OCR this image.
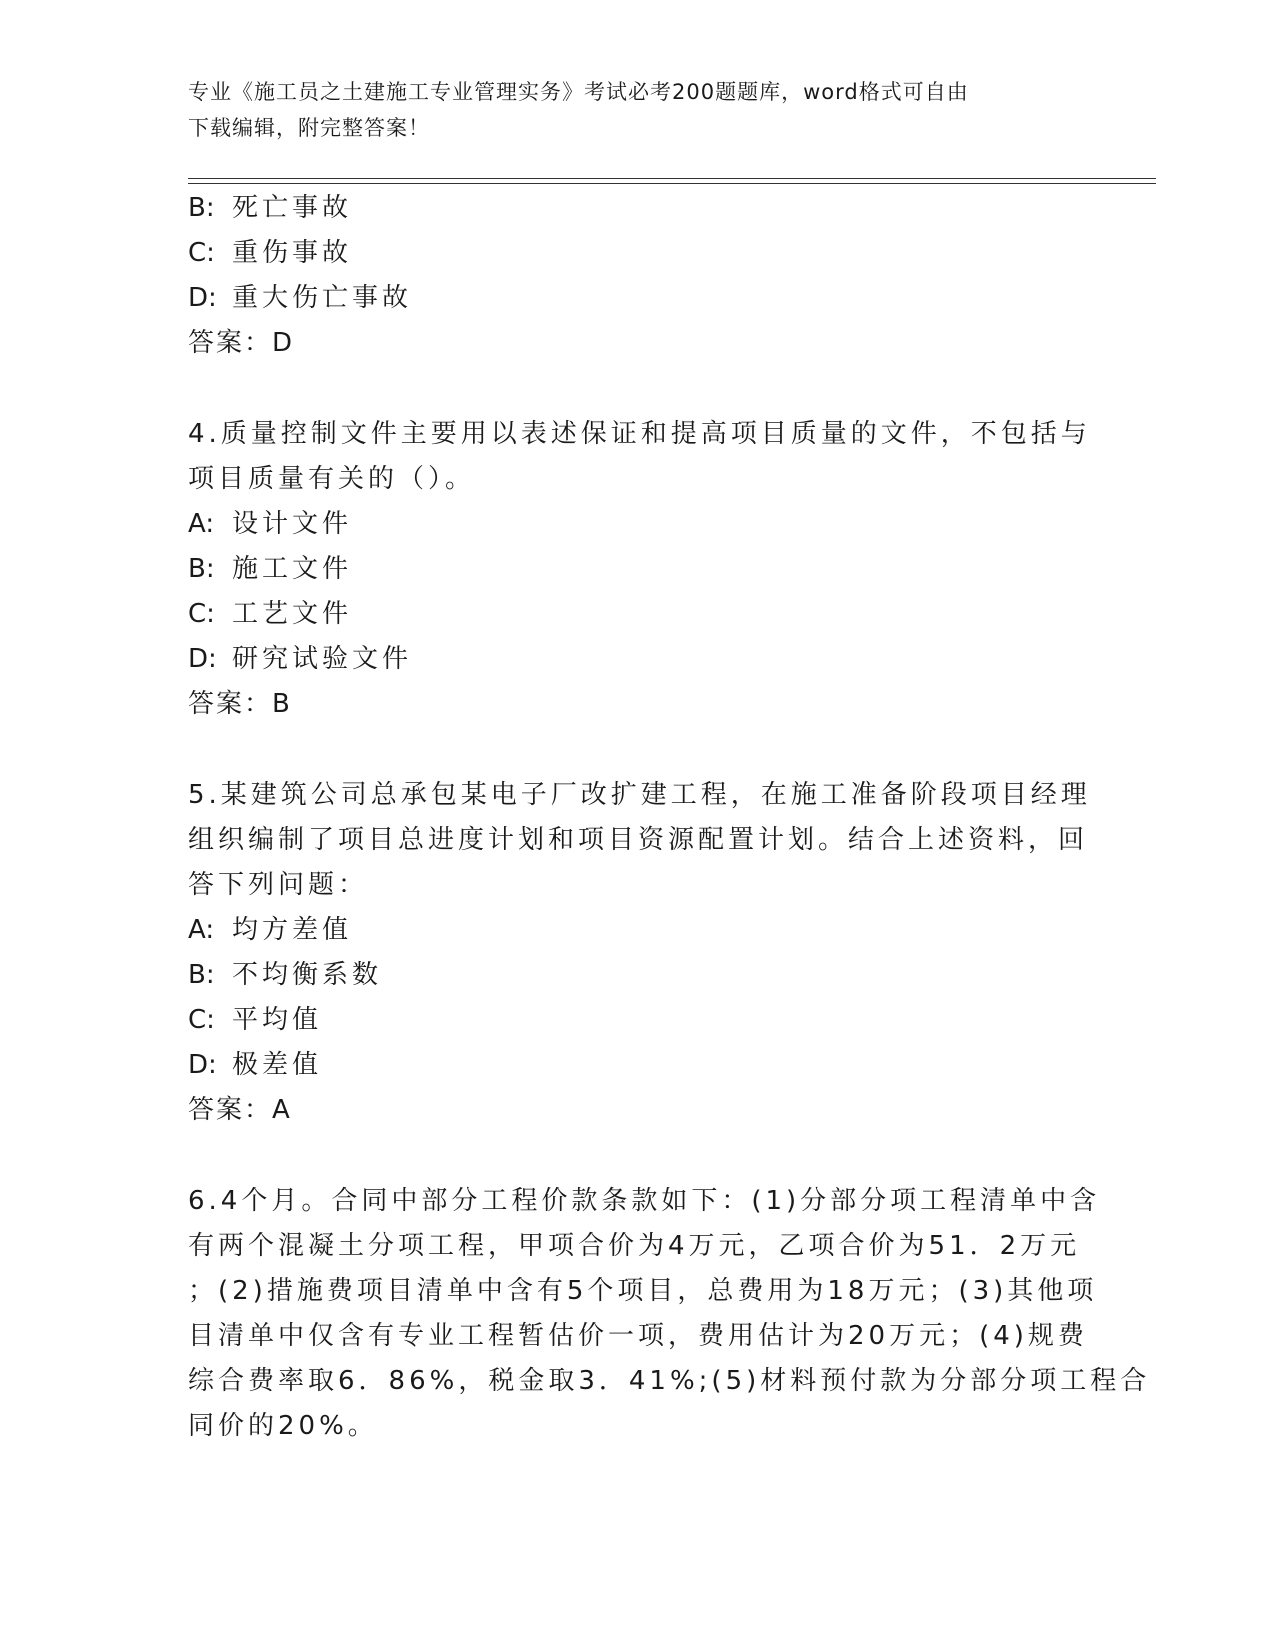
专业《施工员之土建施工专业管理实务》考试必考200题题库，word格式可自由
下载编辑，附完整答案！
B: 死亡事故
C: 重伤事故
D: 重大伤亡事故
答案：D
4.质量控制文件主要用以表述保证和提高项目质量的文件，不包括与
项目质量有关的（）。
A: 设计文件
B: 施工文件
C: 工艺文件
D: 研究试验文件
答案：B
5.某建筑公司总承包某电子厂改扩建工程，在施工准备阶段项目经理
组织编制了项目总进度计划和项目资源配置计划。结合上述资料，回
答下列问题：
A: 均方差值
B: 不均衡系数
C: 平均值
D: 极差值
答案：A
6.4个月。合同中部分工程价款条款如下：(1)分部分项工程清单中含
有两个混凝土分项工程，甲项合价为4万元，乙项合价为51．2万元
；(2)措施费项目清单中含有5个项目，总费用为18万元；(3)其他项
目清单中仅含有专业工程暂估价一项，费用估计为20万元；(4)规费
综合费率取6．86%，税金取3．41%;(5)材料预付款为分部分项工程合
同价的20%。
